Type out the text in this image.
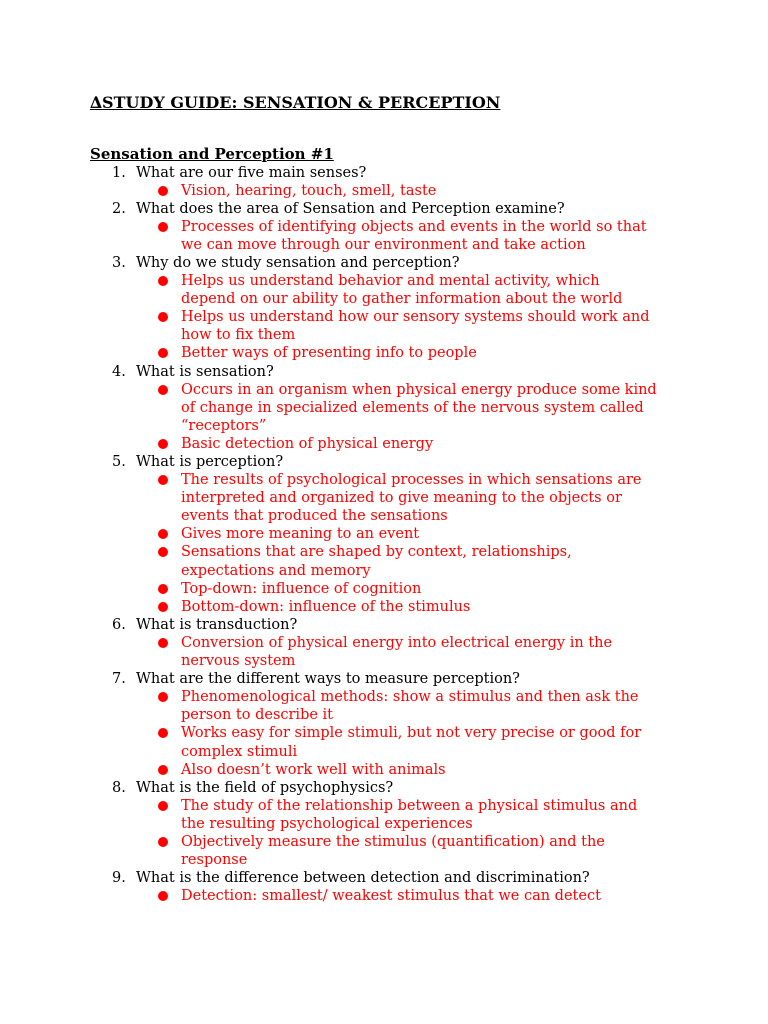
∆STUDY GUIDE: SENSATION & PERCEPTION
Sensation and Perception #1
1. What are our five main senses?
Vision, hearing, touch, smell, taste
2. What does the area of Sensation and Perception examine?
Processes of identifying objects and events in the world so that
we can move through our environment and take action
3. Why do we study sensation and perception?
Helps us understand behavior and mental activity, which
depend on our ability to gather information about the world
Helps us understand how our sensory systems should work and
how to fix them
Better ways of presenting info to people
4. What is sensation?
Occurs in an organism when physical energy produce some kind
of change in specialized elements of the nervous system called
“receptors”
Basic detection of physical energy
5. What is perception?
The results of psychological processes in which sensations are
interpreted and organized to give meaning to the objects or
events that produced the sensations
Gives more meaning to an event
Sensations that are shaped by context, relationships,
expectations and memory
Top-down: influence of cognition
Bottom-down: influence of the stimulus
6. What is transduction?
Conversion of physical energy into electrical energy in the
nervous system
7. What are the different ways to measure perception?
Phenomenological methods: show a stimulus and then ask the
person to describe it
Works easy for simple stimuli, but not very precise or good for
complex stimuli
Also doesn’t work well with animals
8. What is the field of psychophysics?
The study of the relationship between a physical stimulus and
the resulting psychological experiences
Objectively measure the stimulus (quantification) and the
response
9. What is the difference between detection and discrimination?
Detection: smallest/ weakest stimulus that we can detect
